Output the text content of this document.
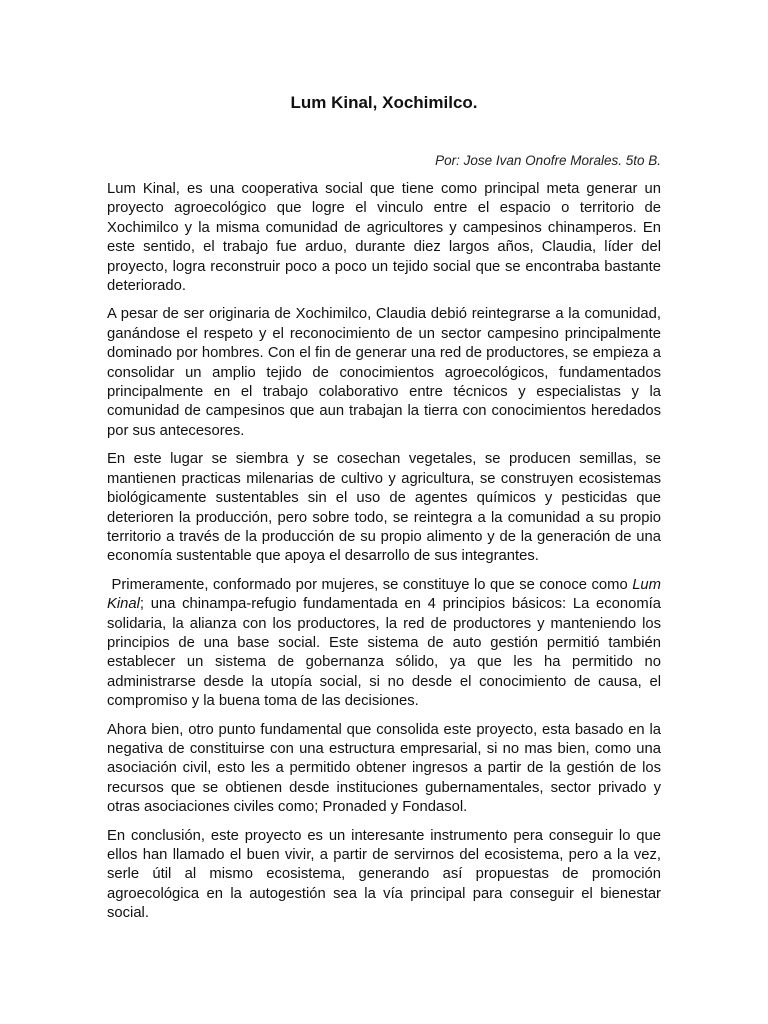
Lum Kinal, Xochimilco.

Por: Jose Ivan Onofre Morales. 5to B.

Lum Kinal, es una cooperativa social que tiene como principal meta generar un proyecto agroecológico que logre el vinculo entre el espacio o territorio de Xochimilco y la misma comunidad de agricultores y campesinos chinamperos. En este sentido, el trabajo fue arduo, durante diez largos años, Claudia, líder del proyecto, logra reconstruir poco a poco un tejido social que se encontraba bastante deteriorado.

A pesar de ser originaria de Xochimilco, Claudia debió reintegrarse a la comunidad, ganándose el respeto y el reconocimiento de un sector campesino principalmente dominado por hombres. Con el fin de generar una red de productores, se empieza a consolidar un amplio tejido de conocimientos agroecológicos, fundamentados principalmente en el trabajo colaborativo entre técnicos y especialistas y la comunidad de campesinos que aun trabajan la tierra con conocimientos heredados por sus antecesores.

En este lugar se siembra y se cosechan vegetales, se producen semillas, se mantienen practicas milenarias de cultivo y agricultura, se construyen ecosistemas biológicamente sustentables sin el uso de agentes químicos y pesticidas que deterioren la producción, pero sobre todo, se reintegra a la comunidad a su propio territorio a través de la producción de su propio alimento y de la generación de una economía sustentable que apoya el desarrollo de sus integrantes.

Primeramente, conformado por mujeres, se constituye lo que se conoce como Lum Kinal; una chinampa-refugio fundamentada en 4 principios básicos: La economía solidaria, la alianza con los productores, la red de productores y manteniendo los principios de una base social. Este sistema de auto gestión permitió también establecer un sistema de gobernanza sólido, ya que les ha permitido no administrarse desde la utopía social, si no desde el conocimiento de causa, el compromiso y la buena toma de las decisiones.

Ahora bien, otro punto fundamental que consolida este proyecto, esta basado en la negativa de constituirse con una estructura empresarial, si no mas bien, como una asociación civil, esto les a permitido obtener ingresos a partir de la gestión de los recursos que se obtienen desde instituciones gubernamentales, sector privado y otras asociaciones civiles como; Pronaded y Fondasol.

En conclusión, este proyecto es un interesante instrumento pera conseguir lo que ellos han llamado el buen vivir, a partir de servirnos del ecosistema, pero a la vez, serle útil al mismo ecosistema, generando así propuestas de promoción agroecológica en la autogestión sea la vía principal para conseguir el bienestar social.
